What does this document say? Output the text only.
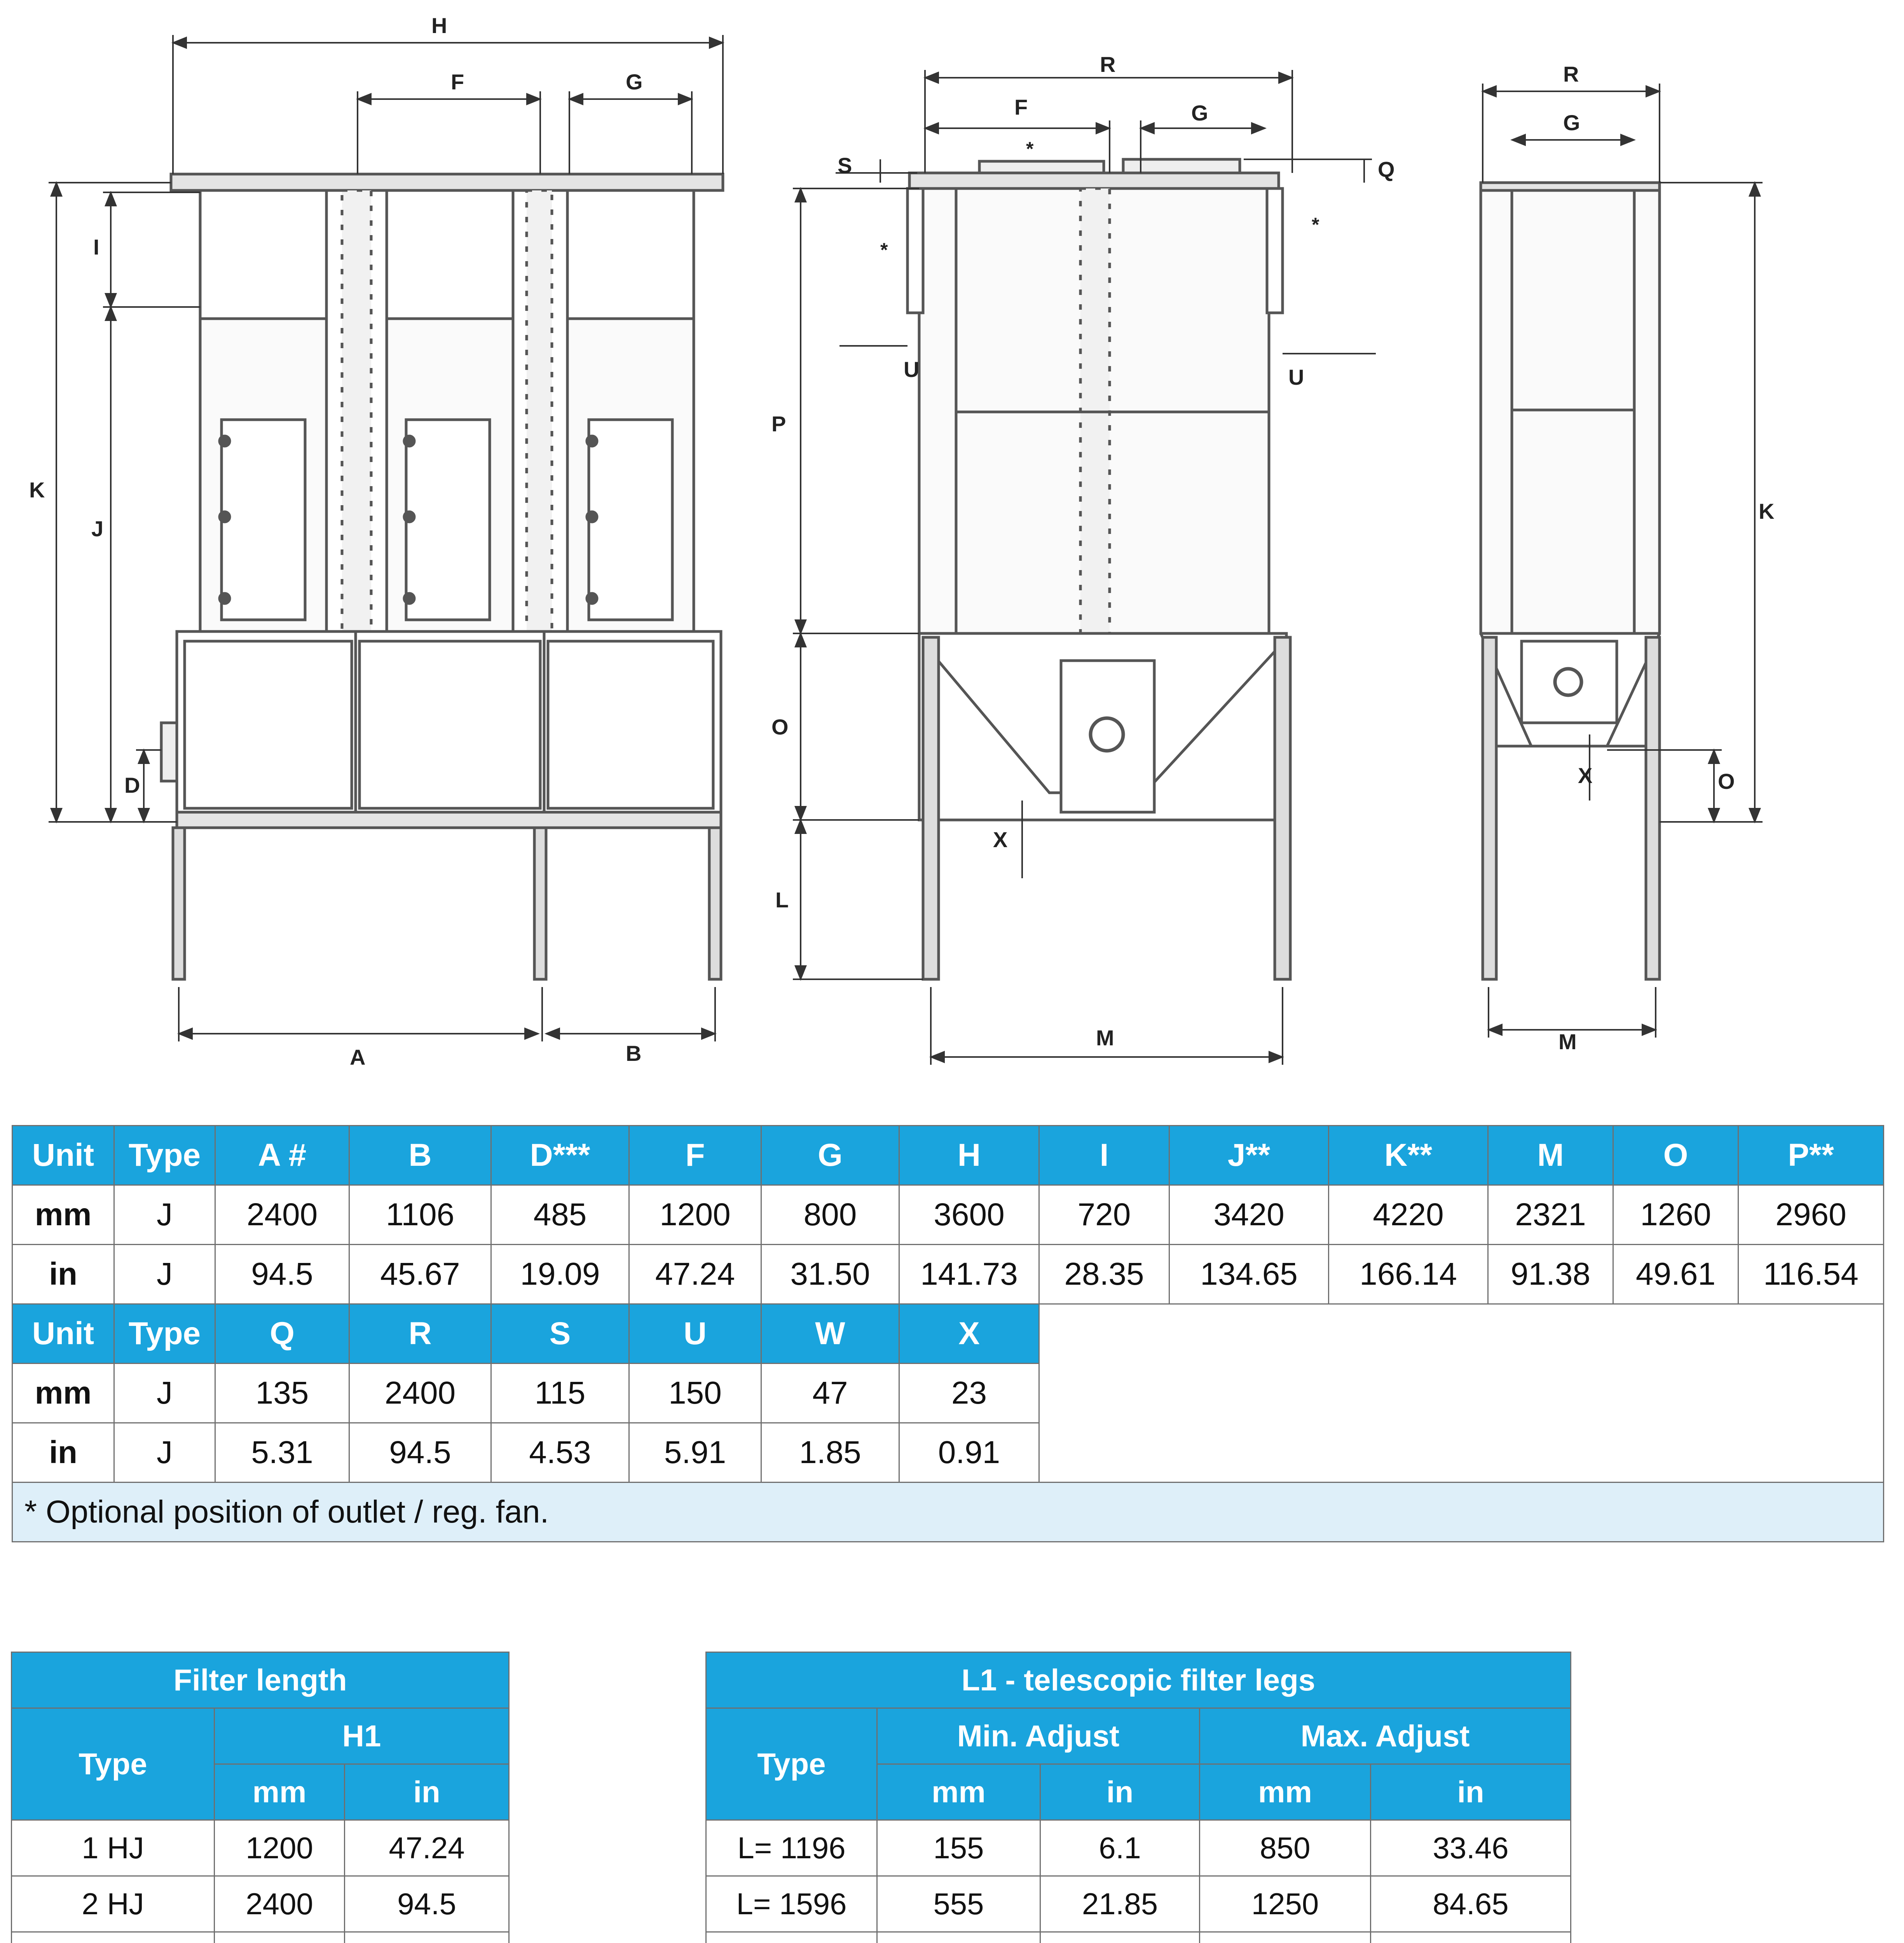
H
F	G
I
K
J
D
A	B
R
F	G
S	Q
U	U
P
O
X
L
M
*
*
*
R
G
K
X	O
M
Unit	Type	A #	B	D***	F	G	H	I	J**	K**	M	O	P**
mm	J	2400	1106	485	1200	800	3600	720	3420	4220	2321	1260	2960
in	J	94.5	45.67	19.09	47.24	31.50	141.73	28.35	134.65	166.14	91.38	49.61	116.54
Unit	Type	Q	R	S	U	W	X						
mm	J	135	2400	115	150	47	23						
in	J	5.31	94.5	4.53	5.91	1.85	0.91						
* Optional position of outlet / reg. fan.													
Filter length		
Type	H1	
	mm	in
1 HJ	1200	47.24
2 HJ	2400	94.5

L1 - telescopic filter legs				
Type	Min. Adjust		Max. Adjust	
	mm	in	mm	in
L= 1196	155	6.1	850	33.46
L= 1596	555	21.85	1250	84.65
